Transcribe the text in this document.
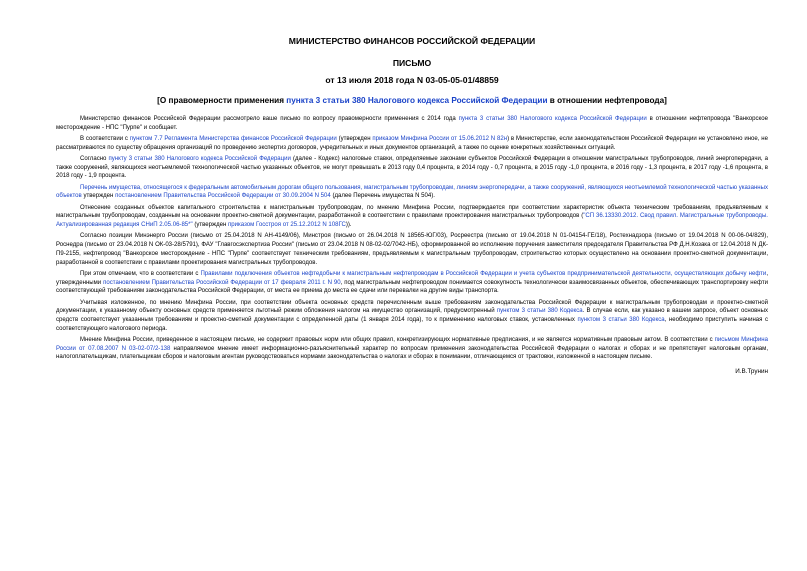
МИНИСТЕРСТВО ФИНАНСОВ РОССИЙСКОЙ ФЕДЕРАЦИИ
ПИСЬМО
от 13 июля 2018 года N 03-05-05-01/48859
[О правомерности применения пункта 3 статьи 380 Налогового кодекса Российской Федерации в отношении нефтепровода]

Министерство финансов Российской Федерации рассмотрело ваше письмо по вопросу правомерности применения с 2014 года пункта 3 статьи 380 Налогового кодекса Российской Федерации в отношении нефтепровода "Ванкорское месторождение - НПС "Пурпе" и сообщает.

В соответствии с пунктом 7.7 Регламента Министерства финансов Российской Федерации (утвержден приказом Минфина России от 15.06.2012 N 82н) в Министерстве, если законодательством Российской Федерации не установлено иное, не рассматриваются по существу обращения организаций по проведению экспертиз договоров, учредительных и иных документов организаций, а также по оценке конкретных хозяйственных ситуаций.

Согласно пункту 3 статьи 380 Налогового кодекса Российской Федерации (далее - Кодекс) налоговые ставки, определяемые законами субъектов Российской Федерации в отношении магистральных трубопроводов, линий энергопередачи, а также сооружений, являющихся неотъемлемой технологической частью указанных объектов, не могут превышать в 2013 году 0,4 процента, в 2014 году - 0,7 процента, в 2015 году -1,0 процента, в 2016 году - 1,3 процента, в 2017 году -1,6 процента, в 2018 году - 1,9 процента.

Перечень имущества, относящегося к федеральным автомобильным дорогам общего пользования, магистральным трубопроводам, линиям энергопередачи, а также сооружений, являющихся неотъемлемой технологической частью указанных объектов утвержден постановлением Правительства Российской Федерации от 30.09.2004 N 504 (далее Перечень имущества N 504).

Отнесение созданных объектов капитального строительства к магистральным трубопроводам, по мнению Минфина России, подтверждается при соответствии характеристик объекта техническим требованиям, предъявляемым к магистральным трубопроводам, созданным на основании проектно-сметной документации, разработанной в соответствии с правилами проектирования магистральных трубопроводов ("СП 36.13330.2012. Свод правил. Магистральные трубопроводы. Актуализированная редакция СНиП 2.05.06-85*" (утвержден приказом Госстроя от 25.12.2012 N 108ГС)).

Согласно позиции Минэнерго России (письмо от 25.04.2018 N АН-4149/06), Минстроя (письмо от 26.04.2018 N 18565-ЮГ/03), Росреестра (письмо от 19.04.2018 N 01-04154-ГЕ/18), Ростехнадзора (письмо от 19.04.2018 N 00-06-04/829), Роснедра (письмо от 23.04.2018 N ОК-03-28/5791), ФАУ "Главгосэкспертиза России" (письмо от 23.04.2018 N 08-02-02/7042-НБ), сформированной во исполнение поручения заместителя председателя Правительства РФ Д.Н.Козака от 12.04.2018 N ДК-П9-2155, нефтепровод "Ванкорское месторождение - НПС "Пурпе" соответствует техническим требованиям, предъявляемым к магистральным трубопроводам, строительство которых осуществлено на основании проектно-сметной документации, разработанной в соответствии с правилами проектирования магистральных трубопроводов.

При этом отмечаем, что в соответствии с Правилами подключения объектов нефтедобычи к магистральным нефтепроводам в Российской Федерации и учета субъектов предпринимательской деятельности, осуществляющих добычу нефти, утвержденными постановлением Правительства Российской Федерации от 17 февраля 2011 г. N 90, под магистральным нефтепроводом понимается совокупность технологически взаимосвязанных объектов, обеспечивающих транспортировку нефти соответствующей требованиям законодательства Российской Федерации, от места ее приема до места ее сдачи или перевалки на другие виды транспорта.

Учитывая изложенное, по мнению Минфина России, при соответствии объекта основных средств перечисленным выше требованиям законодательства Российской Федерации к магистральным трубопроводам и проектно-сметной документации, к указанному объекту основных средств применяется льготный режим обложения налогом на имущество организаций, предусмотренный пунктом 3 статьи 380 Кодекса. В случае если, как указано в вашем запросе, объект основных средств соответствует указанным требованиям и проектно-сметной документации с определенной даты (1 января 2014 года), то к применению налоговых ставок, установленных пунктом 3 статьи 380 Кодекса, необходимо приступить начиная с соответствующего налогового периода.

Мнение Минфина России, приведенное в настоящем письме, не содержит правовых норм или общих правил, конкретизирующих нормативные предписания, и не является нормативным правовым актом. В соответствии с письмом Минфина России от 07.08.2007 N 03-02-07/2-138 направляемое мнение имеет информационно-разъяснительный характер по вопросам применения законодательства Российской Федерации о налогах и сборах и не препятствует налоговым органам, налогоплательщикам, плательщикам сборов и налоговым агентам руководствоваться нормами законодательства о налогах и сборах в понимании, отличающемся от трактовки, изложенной в настоящем письме.

И.В.Трунин
